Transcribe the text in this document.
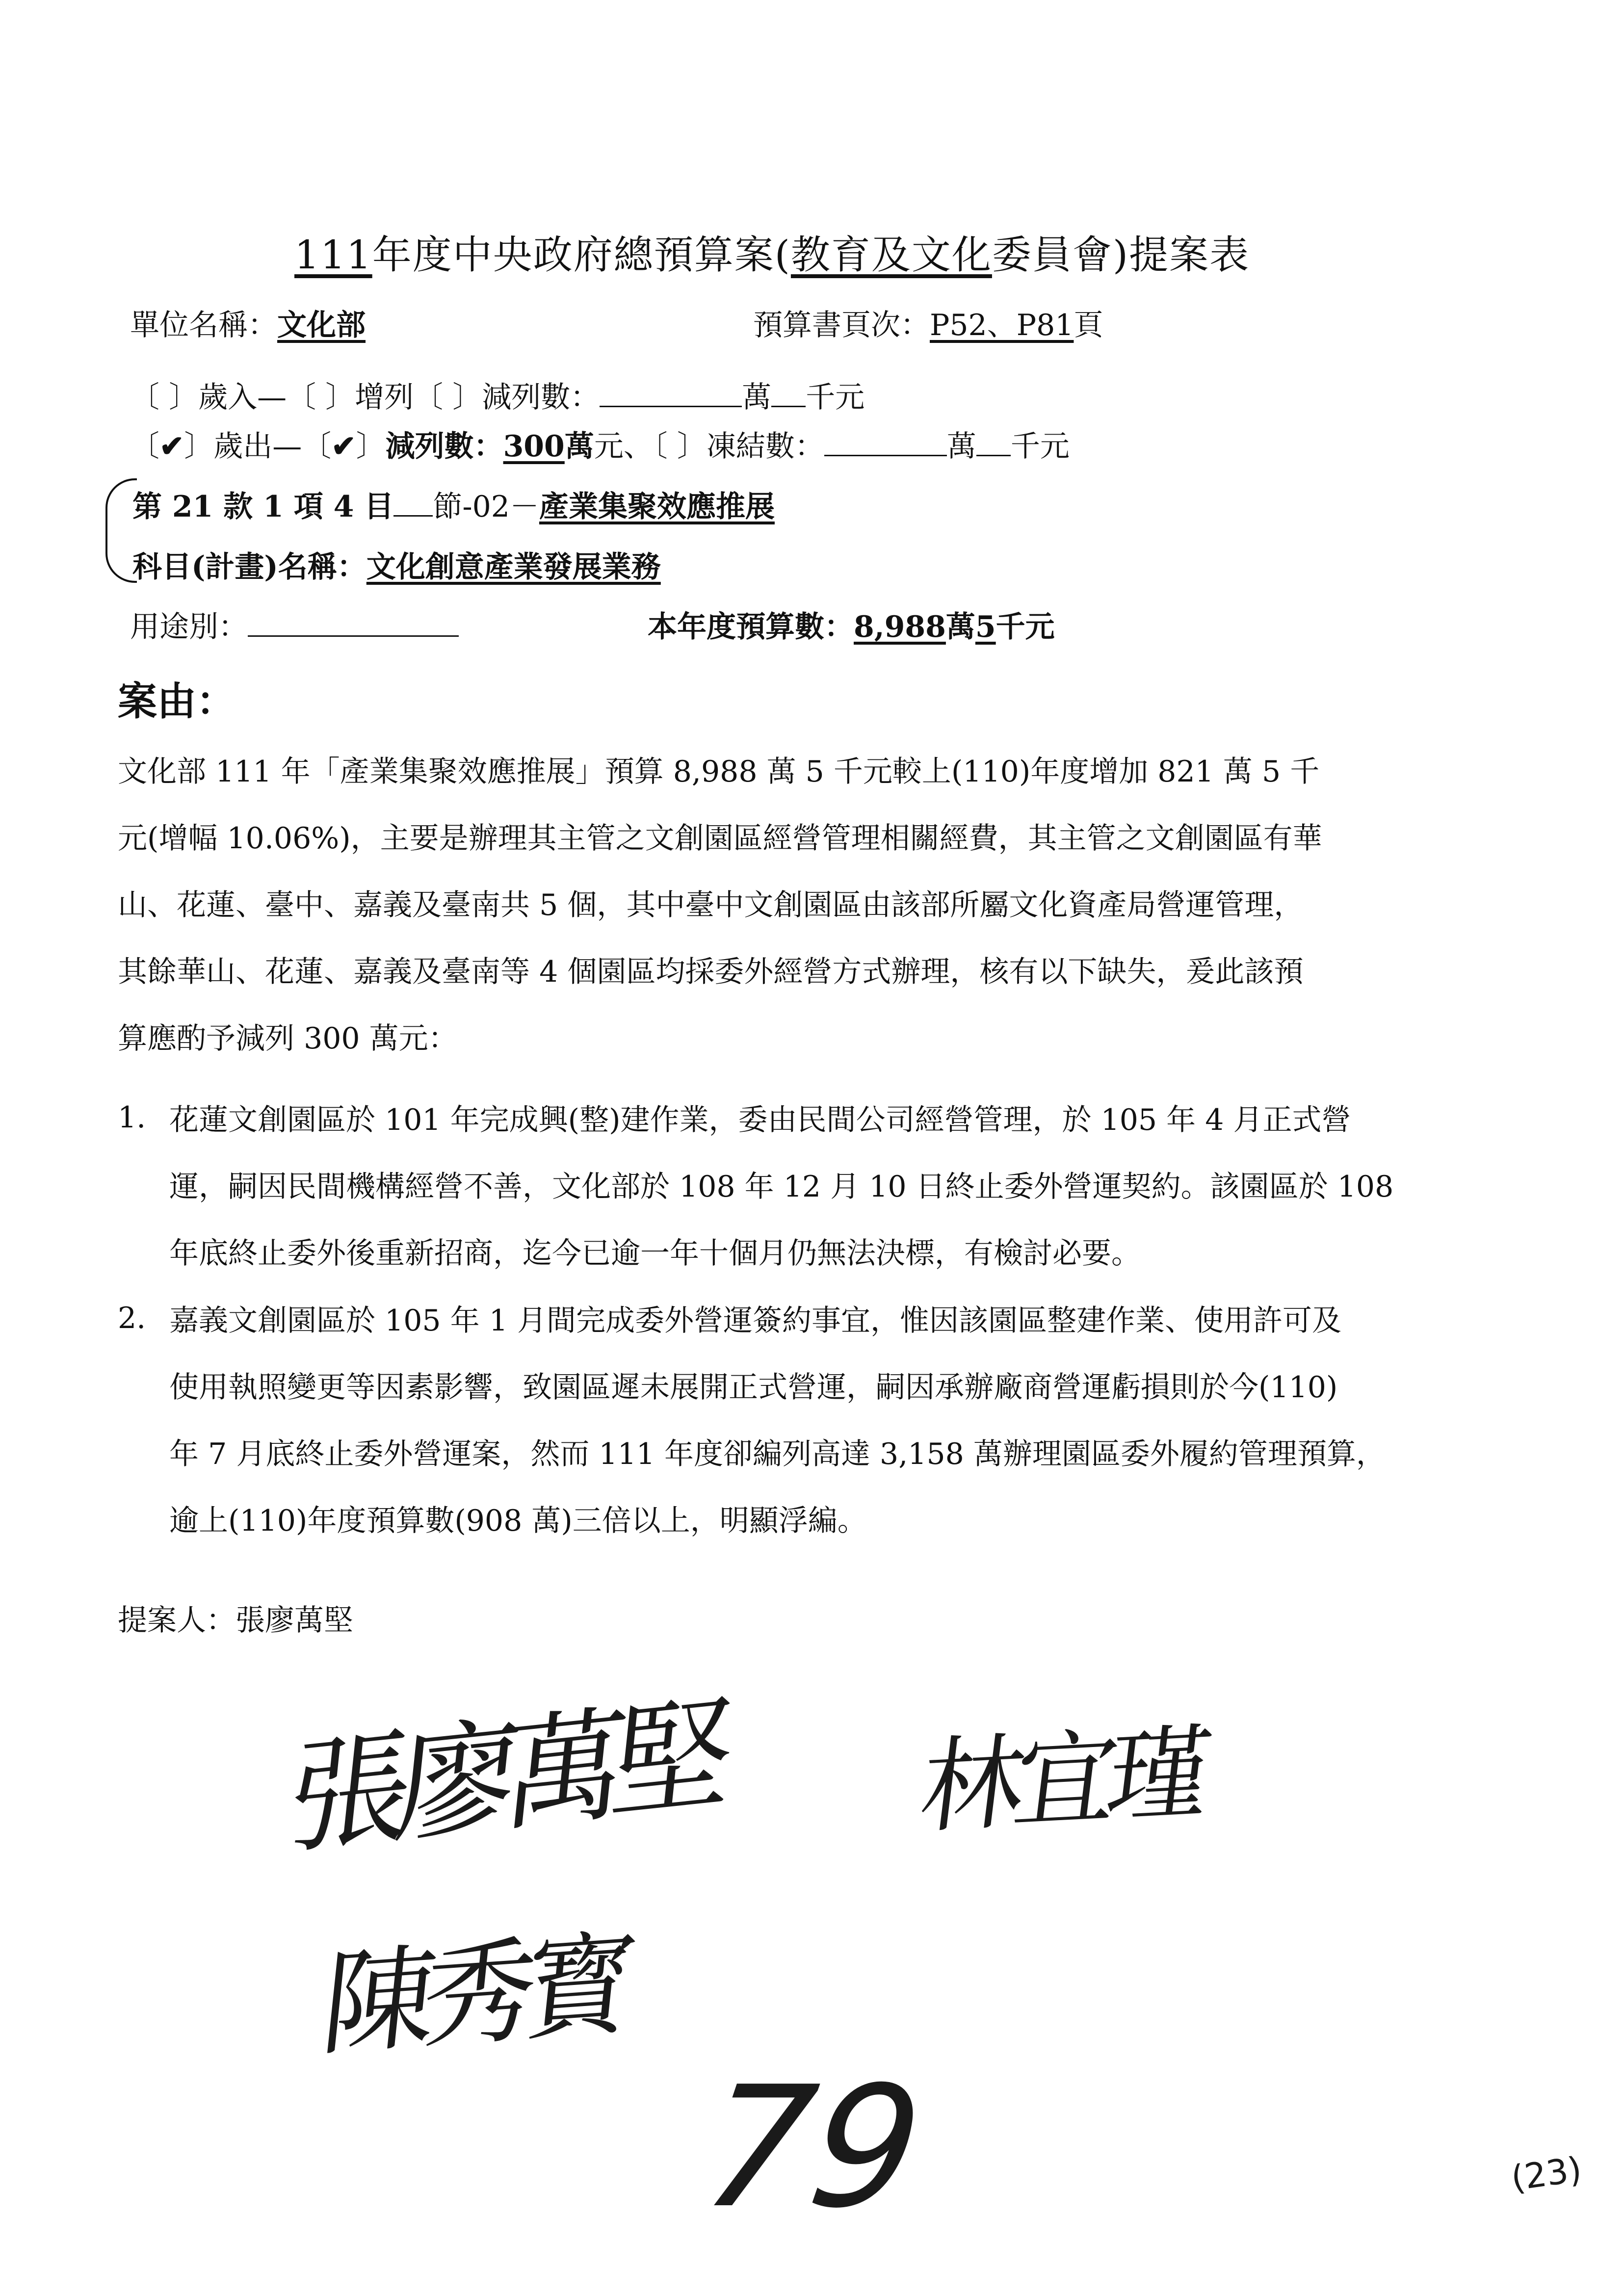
111年度中央政府總預算案(教育及文化委員會)提案表
單位名稱：文化部	預算書頁次：P52、P81頁
〔 〕歲入—〔 〕增列〔 〕減列數：	萬 千元
〔✔〕歲出—〔✔〕減列數：300萬元、〔 〕凍結數：	萬 千元
第 21 款 1 項 4 目 節-02－產業集聚效應推展
科目(計畫)名稱：文化創意產業發展業務
用途別：	本年度預算數：8,988萬5千元
案由：
文化部 111 年「產業集聚效應推展」預算 8,988 萬 5 千元較上(110)年度增加 821 萬 5 千
元(增幅 10.06%)，主要是辦理其主管之文創園區經營管理相關經費，其主管之文創園區有華
山、花蓮、臺中、嘉義及臺南共 5 個，其中臺中文創園區由該部所屬文化資產局營運管理，
其餘華山、花蓮、嘉義及臺南等 4 個園區均採委外經營方式辦理，核有以下缺失，爰此該預
算應酌予減列 300 萬元：
1. 花蓮文創園區於 101 年完成興(整)建作業，委由民間公司經營管理，於 105 年 4 月正式營
運，嗣因民間機構經營不善，文化部於 108 年 12 月 10 日終止委外營運契約。該園區於 108
年底終止委外後重新招商，迄今已逾一年十個月仍無法決標，有檢討必要。
2. 嘉義文創園區於 105 年 1 月間完成委外營運簽約事宜，惟因該園區整建作業、使用許可及
使用執照變更等因素影響，致園區遲未展開正式營運，嗣因承辦廠商營運虧損則於今(110)
年 7 月底終止委外營運案，然而 111 年度卻編列高達 3,158 萬辦理園區委外履約管理預算，
逾上(110)年度預算數(908 萬)三倍以上，明顯浮編。
提案人：張廖萬堅
張廖萬堅 林宜瑾
陳秀寳
79	(23)
